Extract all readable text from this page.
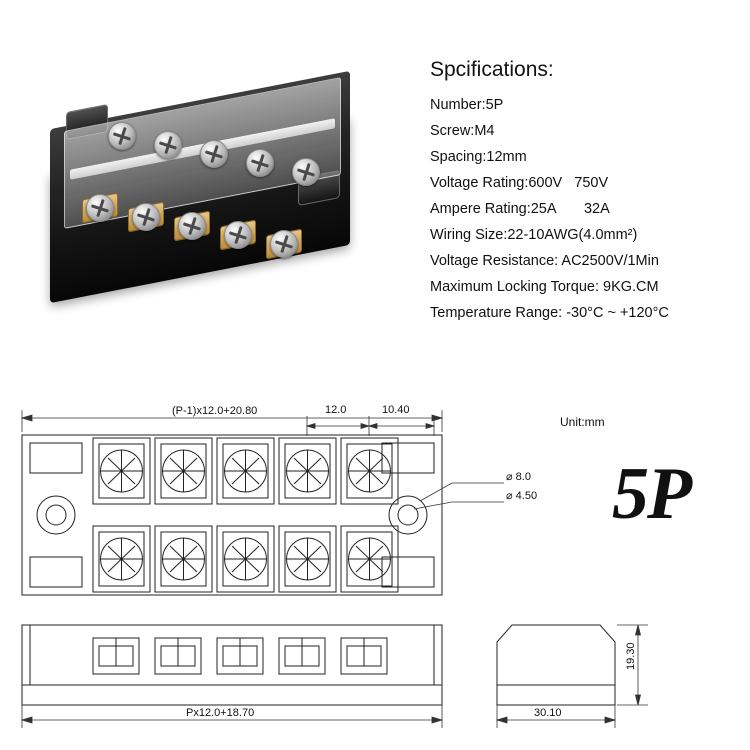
Spcifications:
Number:5P
Screw:M4
Spacing:12mm
Voltage Rating:600V   750V
Ampere Rating:25A       32A
Wiring Size:22-10AWG(4.0mm²)
Voltage Resistance: AC2500V/1Min
Maximum Locking Torque: 9KG.CM
Temperature Range: -30°C ~ +120°C
Unit:mm
5P
(P-1)x12.0+20.80	12.0	10.40
⌀ 8.0
⌀ 4.50
Px12.0+18.70
19.30
30.10
